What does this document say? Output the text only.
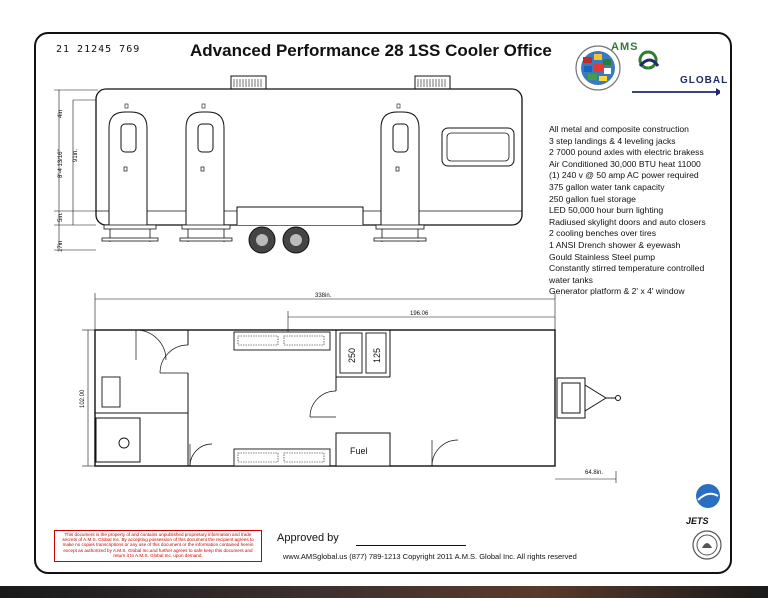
21 21245 769	Advanced Performance 28 1SS Cooler Office	AMS
GLOBAL
4in
8'-4 13/16" 91in.
5in.
17in
All metal and composite construction
3 step landings & 4 leveling jacks
2 7000 pound axles with electric brakess
Air Conditioned 30,000 BTU heat 11000
(1) 240 v @ 50 amp AC power required
375 gallon water tank capacity
250 gallon fuel storage
LED 50,000 hour burn lighting
Radiused skylight doors and auto closers
2 cooling benches over tires
1 ANSI Drench shower & eyewash
Gould Stainless Steel pump
Constantly stirred temperature controlled
water tanks
Generator platform & 2' x 4' window
338in.
196.06
102.00
250 125
Fuel
64.8in.
JETS
This document is the property of and contains unpublished proprietary information and trade secrets of A.M.S. Global Inc. By accepting possession of this document the recipient agrees to make no copies transcriptions or any use of this document or the information contained herein except as authorized by A.M.S. Global Inc.and further agrees to safe keep this document and return it to A.M.S. Global Inc. upon demand.
Approved by
www.AMSglobal.us (877) 789-1213 Copyright 2011 A.M.S. Global Inc. All rights reserved
